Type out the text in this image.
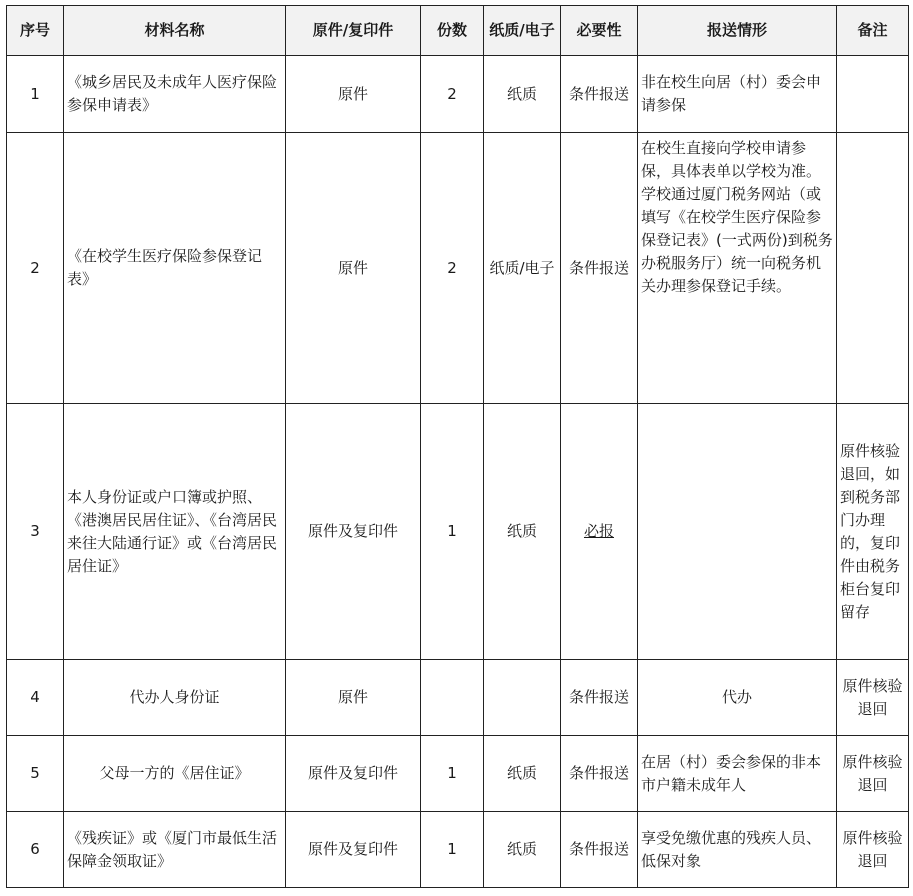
序号	材料名称	原件/复印件	份数	纸质/电子	必要性	报送情形	备注
1	《城乡居民及未成年人医疗保险参保申请表》	原件	2	纸质	条件报送	非在校生向居（村）委会申请参保	
2	《在校学生医疗保险参保登记表》	原件	2	纸质/电子	条件报送	在校生直接向学校申请参保，具体表单以学校为准。学校通过厦门税务网站（或填写《在校学生医疗保险参保登记表》(一式两份)到税务办税服务厅）统一向税务机关办理参保登记手续。	
3	本人身份证或户口簿或护照、《港澳居民居住证》、《台湾居民来往大陆通行证》或《台湾居民居住证》	原件及复印件	1	纸质	必报		原件核验退回，如到税务部门办理的，复印件由税务柜台复印留存
4	代办人身份证	原件			条件报送	代办	原件核验退回
5	父母一方的《居住证》	原件及复印件	1	纸质	条件报送	在居（村）委会参保的非本市户籍未成年人	原件核验退回
6	《残疾证》或《厦门市最低生活保障金领取证》	原件及复印件	1	纸质	条件报送	享受免缴优惠的残疾人员、低保对象	原件核验退回
